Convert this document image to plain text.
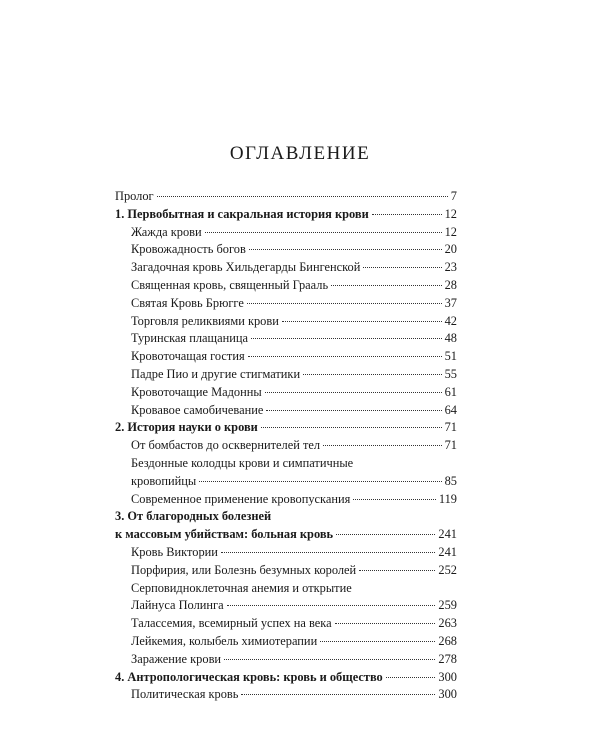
ОГЛАВЛЕНИЕ
Пролог	7
1. Первобытная и сакральная история крови	12
Жажда крови	12
Кровожадность богов	20
Загадочная кровь Хильдегарды Бингенской	23
Священная кровь, священный Грааль	28
Святая Кровь Брюгге	37
Торговля реликвиями крови	42
Туринская плащаница	48
Кровоточащая гостия	51
Падре Пио и другие стигматики	55
Кровоточащие Мадонны	61
Кровавое самобичевание	64
2. История науки о крови	71
От бомбастов до осквернителей тел	71
Бездонные колодцы крови и симпатичные
кровопийцы	85
Современное применение кровопускания	119
3. От благородных болезней
к массовым убийствам: больная кровь	241
Кровь Виктории	241
Порфирия, или Болезнь безумных королей	252
Серповидноклеточная анемия и открытие
Лайнуса Полинга	259
Талассемия, всемирный успех на века	263
Лейкемия, колыбель химиотерапии	268
Заражение крови	278
4. Антропологическая кровь: кровь и общество	300
Политическая кровь	300
